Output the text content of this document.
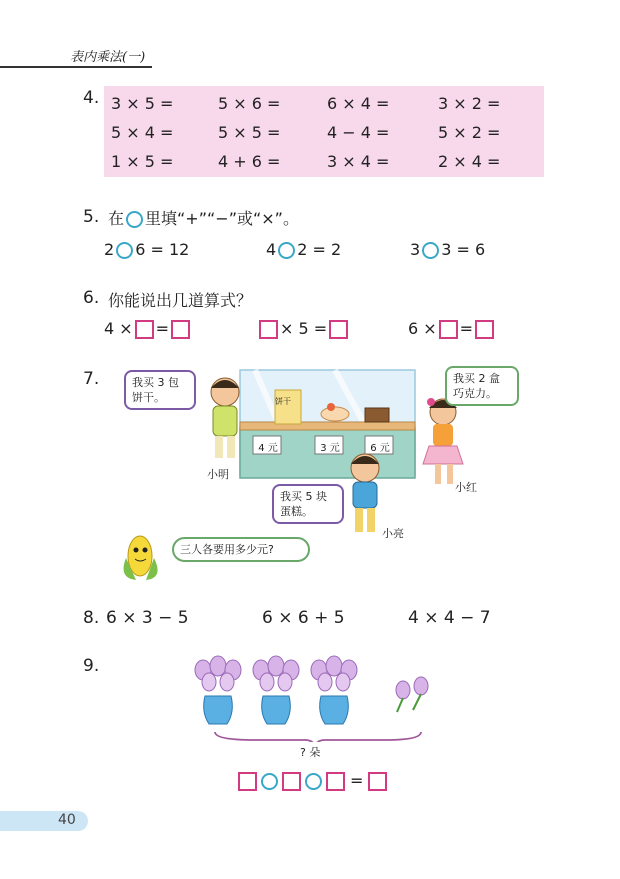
表内乘法(一)
4. 3 × 5 =	5 × 6 =	6 × 4 =	3 × 2 =
5 × 4 =	5 × 5 =	4 − 4 =	5 × 2 =
1 × 5 =	4 + 6 =	3 × 4 =	2 × 4 =
5. 在 里填“+”“−”或“×”。
2 6 = 12	4 2 = 2	3 3 = 6
6. 你能说出几道算式？
4 × =	× 5 =	6 × =
7.
饼干
4 元	3 元	6 元
我买 3 包
饼干。
我买 2 盒
巧克力。
我买 5 块
蛋糕。
小明
小红
小亮
三人各要用多少元?
8. 6 × 3 − 5	6 × 6 + 5	4 × 4 − 7
9.
? 朵
=
40
